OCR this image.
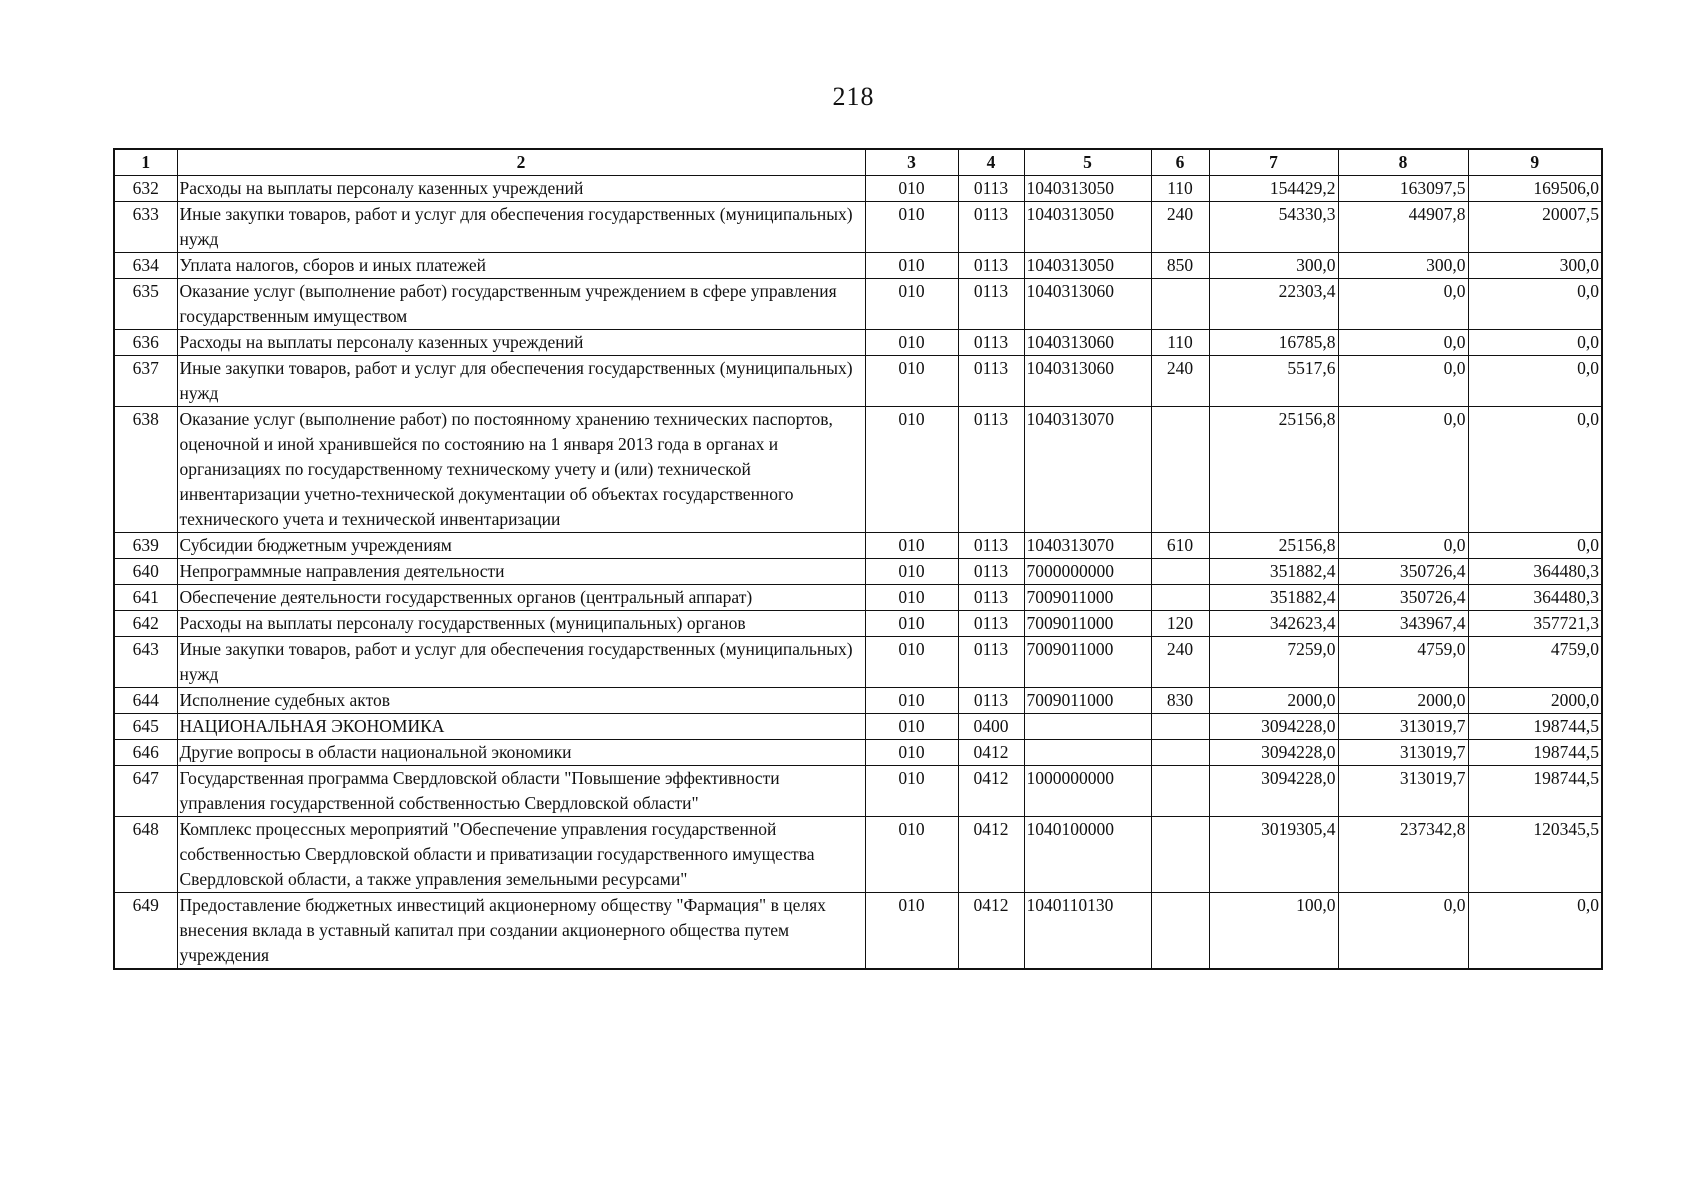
218
1	2	3	4	5	6	7	8	9
632	Расходы на выплаты персоналу казенных учреждений	010	0113	1040313050	110	154429,2	163097,5	169506,0
633	Иные закупки товаров, работ и услуг для обеспечения государственных (муниципальных) нужд	010	0113	1040313050	240	54330,3	44907,8	20007,5
634	Уплата налогов, сборов и иных платежей	010	0113	1040313050	850	300,0	300,0	300,0
635	Оказание услуг (выполнение работ) государственным учреждением в сфере управления государственным имуществом	010	0113	1040313060		22303,4	0,0	0,0
636	Расходы на выплаты персоналу казенных учреждений	010	0113	1040313060	110	16785,8	0,0	0,0
637	Иные закупки товаров, работ и услуг для обеспечения государственных (муниципальных) нужд	010	0113	1040313060	240	5517,6	0,0	0,0
638	Оказание услуг (выполнение работ) по постоянному хранению технических паспортов, оценочной и иной хранившейся по состоянию на 1 января 2013 года в органах и организациях по государственному техническому учету и (или) технической инвентаризации учетно-технической документации об объектах государственного технического учета и технической инвентаризации	010	0113	1040313070		25156,8	0,0	0,0
639	Субсидии бюджетным учреждениям	010	0113	1040313070	610	25156,8	0,0	0,0
640	Непрограммные направления деятельности	010	0113	7000000000		351882,4	350726,4	364480,3
641	Обеспечение деятельности государственных органов (центральный аппарат)	010	0113	7009011000		351882,4	350726,4	364480,3
642	Расходы на выплаты персоналу государственных (муниципальных) органов	010	0113	7009011000	120	342623,4	343967,4	357721,3
643	Иные закупки товаров, работ и услуг для обеспечения государственных (муниципальных) нужд	010	0113	7009011000	240	7259,0	4759,0	4759,0
644	Исполнение судебных актов	010	0113	7009011000	830	2000,0	2000,0	2000,0
645	НАЦИОНАЛЬНАЯ ЭКОНОМИКА	010	0400			3094228,0	313019,7	198744,5
646	Другие вопросы в области национальной экономики	010	0412			3094228,0	313019,7	198744,5
647	Государственная программа Свердловской области "Повышение эффективности управления государственной собственностью Свердловской области"	010	0412	1000000000		3094228,0	313019,7	198744,5
648	Комплекс процессных мероприятий "Обеспечение управления государственной собственностью Свердловской области и приватизации государственного имущества Свердловской области, а также управления земельными ресурсами"	010	0412	1040100000		3019305,4	237342,8	120345,5
649	Предоставление бюджетных инвестиций акционерному обществу "Фармация" в целях внесения вклада в уставный капитал при создании акционерного общества путем учреждения	010	0412	1040110130		100,0	0,0	0,0
